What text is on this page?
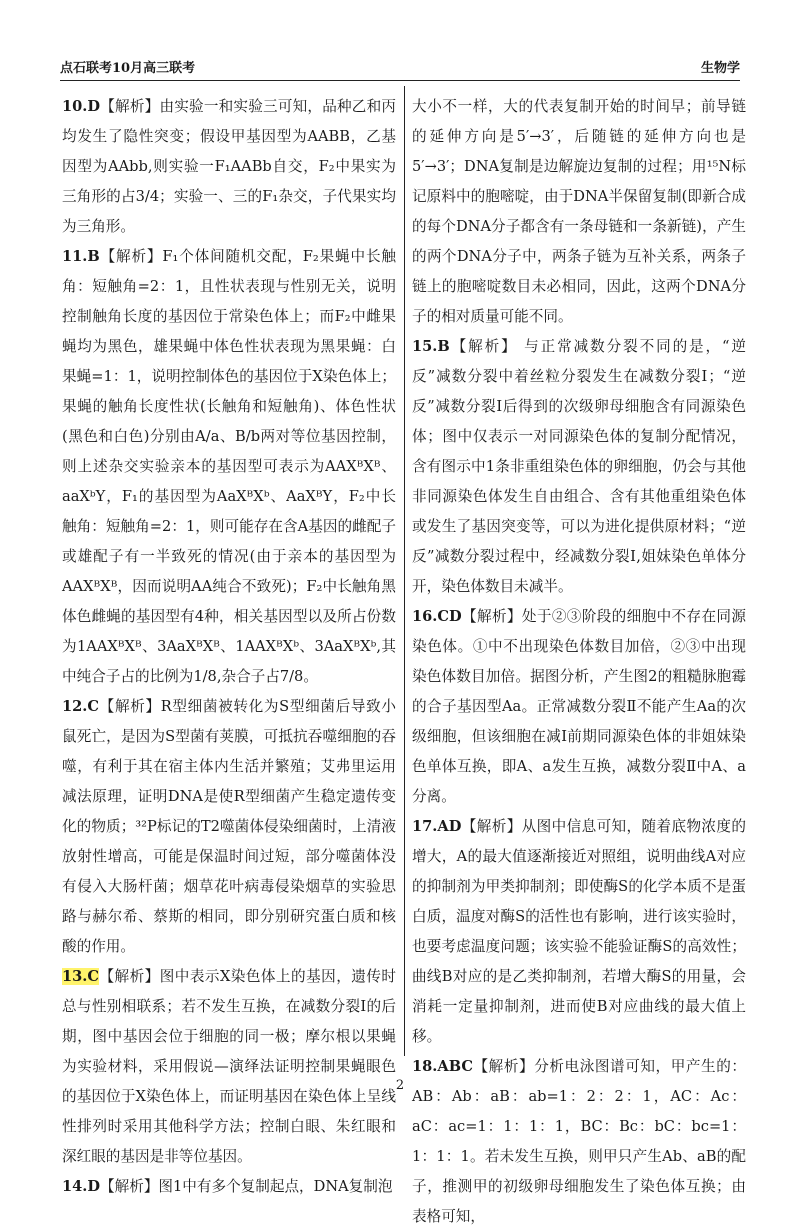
点石联考10月高三联考	生物学

10.D【解析】由实验一和实验三可知，品种乙和丙均发生了隐性突变；假设甲基因型为AABB，乙基因型为AAbb,则实验一F₁AABb自交，F₂中果实为三角形的占3/4；实验一、三的F₁杂交，子代果实均为三角形。

11.B【解析】F₁个体间随机交配，F₂果蝇中长触角：短触角=2：1，且性状表现与性别无关，说明控制触角长度的基因位于常染色体上；而F₂中雌果蝇均为黑色，雄果蝇中体色性状表现为黑果蝇：白果蝇=1：1，说明控制体色的基因位于X染色体上；果蝇的触角长度性状(长触角和短触角)、体色性状(黑色和白色)分别由A/a、B/b两对等位基因控制，则上述杂交实验亲本的基因型可表示为AAXᴮXᴮ、aaXᵇY，F₁的基因型为AaXᴮXᵇ、AaXᴮY，F₂中长触角：短触角=2：1，则可能存在含A基因的雌配子或雄配子有一半致死的情况(由于亲本的基因型为AAXᴮXᴮ，因而说明AA纯合不致死)；F₂中长触角黑体色雌蝇的基因型有4种，相关基因型以及所占份数为1AAXᴮXᴮ、3AaXᴮXᴮ、1AAXᴮXᵇ、3AaXᴮXᵇ,其中纯合子占的比例为1/8,杂合子占7/8。

12.C【解析】R型细菌被转化为S型细菌后导致小鼠死亡，是因为S型菌有荚膜，可抵抗吞噬细胞的吞噬，有利于其在宿主体内生活并繁殖；艾弗里运用减法原理，证明DNA是使R型细菌产生稳定遗传变化的物质；³²P标记的T2噬菌体侵染细菌时，上清液放射性增高，可能是保温时间过短，部分噬菌体没有侵入大肠杆菌；烟草花叶病毒侵染烟草的实验思路与赫尔希、蔡斯的相同，即分别研究蛋白质和核酸的作用。

13.C【解析】图中表示X染色体上的基因，遗传时总与性别相联系；若不发生互换，在减数分裂Ⅰ的后期，图中基因会位于细胞的同一极；摩尔根以果蝇为实验材料，采用假说—演绎法证明控制果蝇眼色的基因位于X染色体上，而证明基因在染色体上呈线性排列时采用其他科学方法；控制白眼、朱红眼和深红眼的基因是非等位基因。

14.D【解析】图1中有多个复制起点，DNA复制泡

大小不一样，大的代表复制开始的时间早；前导链的延伸方向是5′→3′，后随链的延伸方向也是5′→3′；DNA复制是边解旋边复制的过程；用¹⁵N标记原料中的胞嘧啶，由于DNA半保留复制(即新合成的每个DNA分子都含有一条母链和一条新链)，产生的两个DNA分子中，两条子链为互补关系，两条子链上的胞嘧啶数目未必相同，因此，这两个DNA分子的相对质量可能不同。

15.B【解析】 与正常减数分裂不同的是，“逆反”减数分裂中着丝粒分裂发生在减数分裂Ⅰ；“逆反”减数分裂Ⅰ后得到的次级卵母细胞含有同源染色体；图中仅表示一对同源染色体的复制分配情况，含有图示中1条非重组染色体的卵细胞，仍会与其他非同源染色体发生自由组合、含有其他重组染色体或发生了基因突变等，可以为进化提供原材料；“逆反”减数分裂过程中，经减数分裂Ⅰ,姐妹染色单体分开，染色体数目未减半。

16.CD【解析】处于②③阶段的细胞中不存在同源染色体。①中不出现染色体数目加倍，②③中出现染色体数目加倍。据图分析，产生图2的粗糙脉胞霉的合子基因型Aa。正常减数分裂Ⅱ不能产生Aa的次级细胞，但该细胞在减Ⅰ前期同源染色体的非姐妹染色单体互换，即A、a发生互换，减数分裂Ⅱ中A、a分离。

17.AD【解析】从图中信息可知，随着底物浓度的增大，A的最大值逐渐接近对照组，说明曲线A对应的抑制剂为甲类抑制剂；即使酶S的化学本质不是蛋白质，温度对酶S的活性也有影响，进行该实验时，也要考虑温度问题；该实验不能验证酶S的高效性；曲线B对应的是乙类抑制剂，若增大酶S的用量，会消耗一定量抑制剂，进而使B对应曲线的最大值上移。

18.ABC【解析】分析电泳图谱可知，甲产生的：AB：Ab：aB：ab=1：2：2：1，AC：Ac：aC：ac=1：1：1：1，BC：Bc：bC：bc=1：1：1：1。若未发生互换，则甲只产生Ab、aB的配子，推测甲的初级卵母细胞发生了染色体互换；由表格可知，

2
